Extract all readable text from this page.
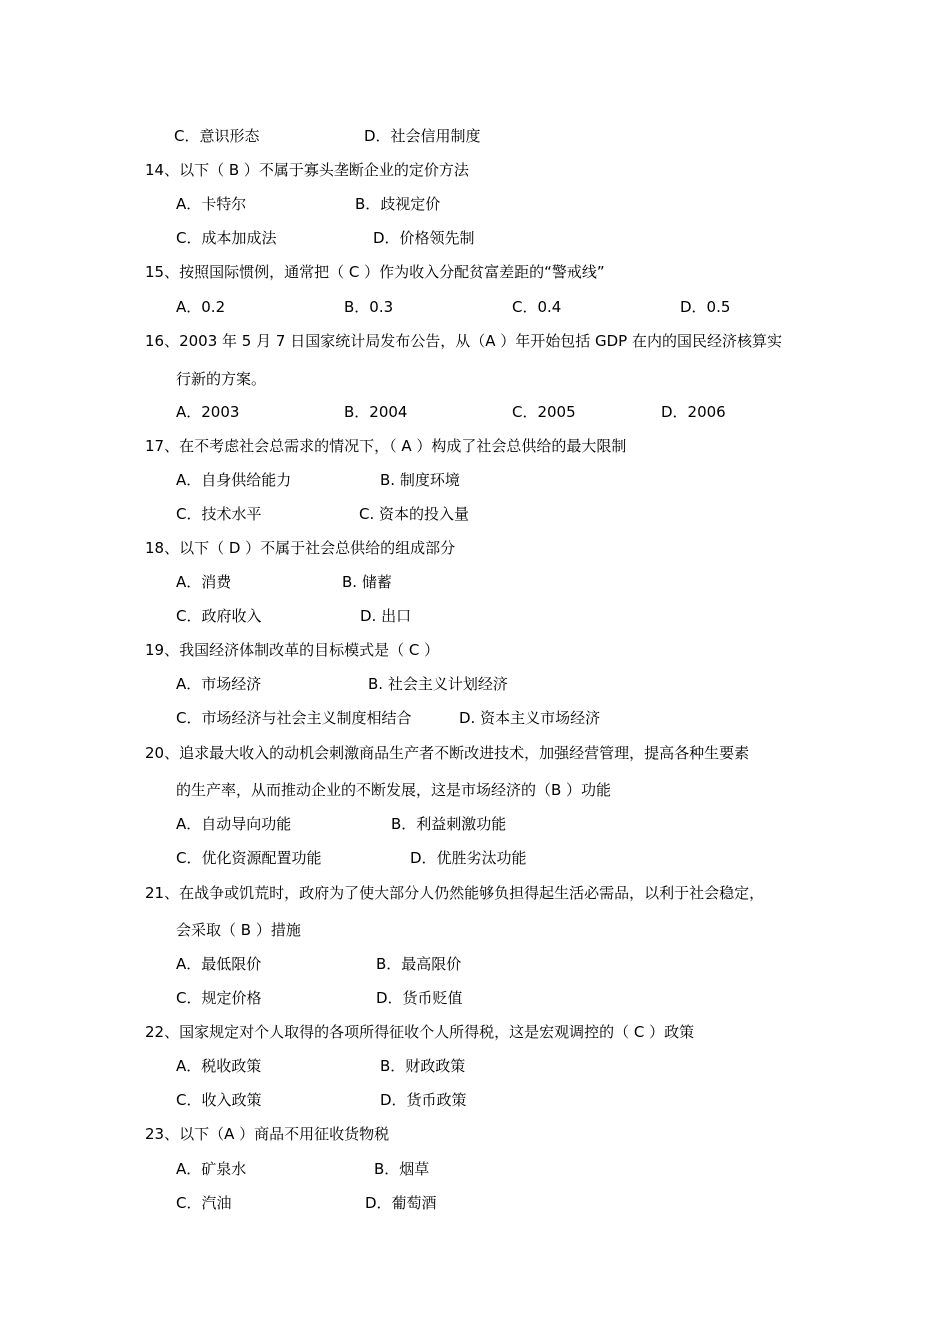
C．意识形态	D．社会信用制度
14、以下（ B ）不属于寡头垄断企业的定价方法
A．卡特尔	B．歧视定价
C．成本加成法	D．价格领先制
15、按照国际惯例，通常把（ C ）作为收入分配贫富差距的“警戒线”
A．0.2	B．0.3	C．0.4	D．0.5
16、2003 年 5 月 7 日国家统计局发布公告，从（A ）年开始包括 GDP 在内的国民经济核算实
行新的方案。
A．2003	B．2004	C．2005	D．2006
17、在不考虑社会总需求的情况下，（ A ）构成了社会总供给的最大限制
A．自身供给能力	B. 制度环境
C．技术水平	C. 资本的投入量
18、以下（ D ）不属于社会总供给的组成部分
A．消费	B. 储蓄
C．政府收入	D. 出口
19、我国经济体制改革的目标模式是（ C ）
A．市场经济	B. 社会主义计划经济
C．市场经济与社会主义制度相结合	D. 资本主义市场经济
20、追求最大收入的动机会刺激商品生产者不断改进技术，加强经营管理，提高各种生要素
的生产率，从而推动企业的不断发展，这是市场经济的（B ）功能
A．自动导向功能	B．利益刺激功能
C．优化资源配置功能	D．优胜劣汰功能
21、在战争或饥荒时，政府为了使大部分人仍然能够负担得起生活必需品，以利于社会稳定，
会采取（ B ）措施
A．最低限价	B．最高限价
C．规定价格	D．货币贬值
22、国家规定对个人取得的各项所得征收个人所得税，这是宏观调控的（ C ）政策
A．税收政策	B．财政政策
C．收入政策	D．货币政策
23、以下（A ）商品不用征收货物税
A．矿泉水	B．烟草
C．汽油	D．葡萄酒
